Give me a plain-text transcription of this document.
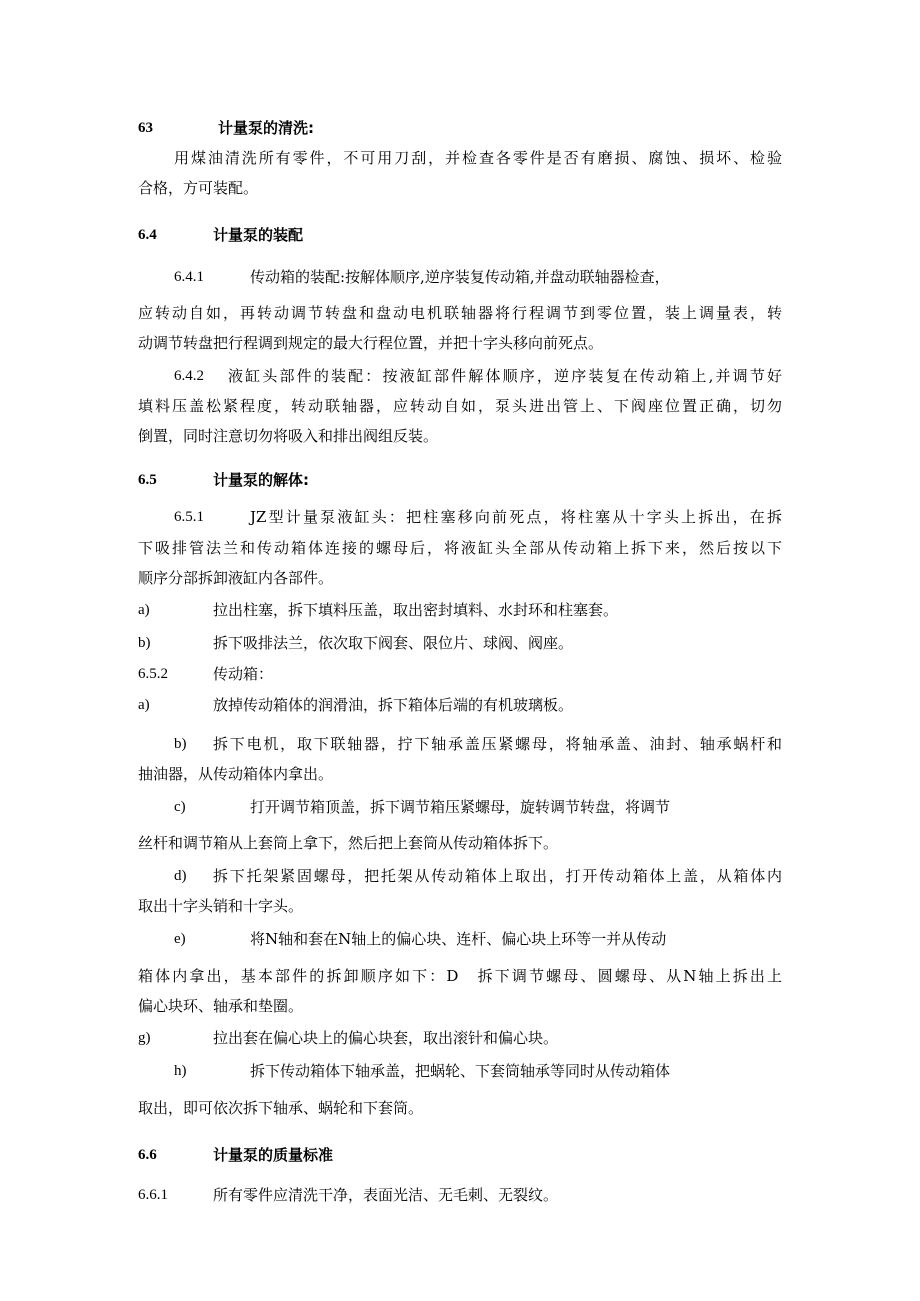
63	计量泵的清洗:
用煤油清洗所有零件，不可用刀刮，并检查各零件是否有磨损、腐蚀、损坏、检验
合格，方可装配。
6.4	计量泵的装配
6.4.1	传动箱的装配:按解体顺序,逆序装复传动箱,并盘动联轴器检查，
应转动自如，再转动调节转盘和盘动电机联轴器将行程调节到零位置，装上调量表，转
动调节转盘把行程调到规定的最大行程位置，并把十字头移向前死点。
6.4.2 液缸头部件的装配：按液缸部件解体顺序，逆序装复在传动箱上,并调节好
填料压盖松紧程度，转动联轴器，应转动自如，泵头进出管上、下阀座位置正确，切勿
倒置，同时注意切勿将吸入和排出阀组反装。
6.5	计量泵的解体:
6.5.1	JZ型计量泵液缸头：把柱塞移向前死点，将柱塞从十字头上拆出，在拆
下吸排管法兰和传动箱体连接的螺母后，将液缸头全部从传动箱上拆下来，然后按以下
顺序分部拆卸液缸内各部件。
a)	拉出柱塞，拆下填料压盖，取出密封填料、水封环和柱塞套。
b)	拆下吸排法兰，依次取下阀套、限位片、球阀、阀座。
6.5.2	传动箱：
a)	放掉传动箱体的润滑油，拆下箱体后端的有机玻璃板。
b) 拆下电机，取下联轴器，拧下轴承盖压紧螺母，将轴承盖、油封、轴承蜗杆和
抽油器，从传动箱体内拿出。
c)	打开调节箱顶盖，拆下调节箱压紧螺母，旋转调节转盘，将调节
丝杆和调节箱从上套筒上拿下，然后把上套筒从传动箱体拆下。
d) 拆下托架紧固螺母，把托架从传动箱体上取出，打开传动箱体上盖，从箱体内
取出十字头销和十字头。
e)	将N轴和套在N轴上的偏心块、连杆、偏心块上环等一并从传动
箱体内拿出，基本部件的拆卸顺序如下：D　拆下调节螺母、圆螺母、从N轴上拆出上
偏心块环、轴承和垫圈。
g)	拉出套在偏心块上的偏心块套，取出滚针和偏心块。
h)	拆下传动箱体下轴承盖，把蜗轮、下套筒轴承等同时从传动箱体
取出，即可依次拆下轴承、蜗轮和下套筒。
6.6	计量泵的质量标准
6.6.1	所有零件应清洗干净，表面光洁、无毛刺、无裂纹。
